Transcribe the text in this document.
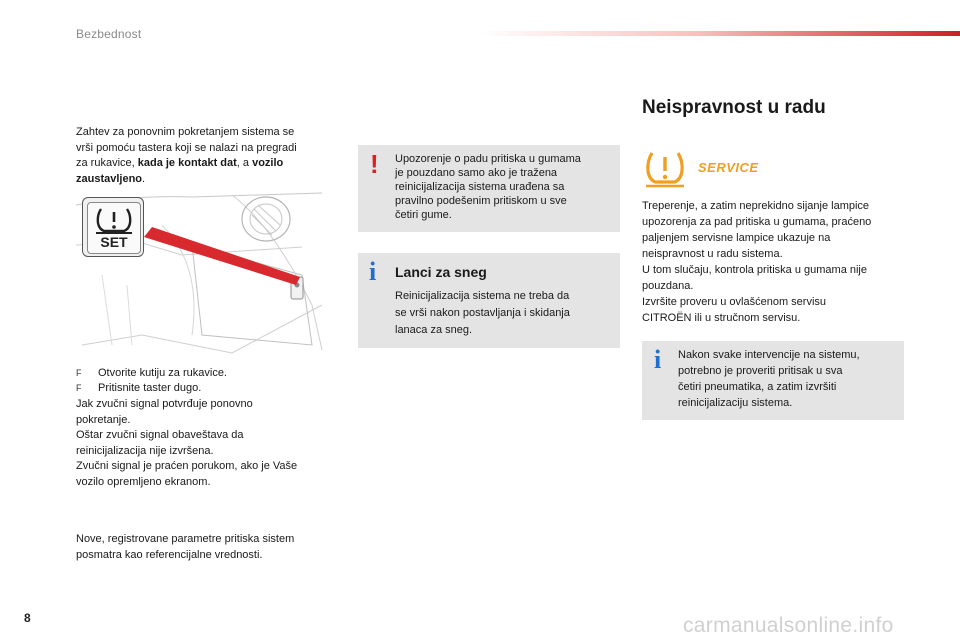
Bezbednost
Zahtev za ponovnim pokretanjem sistema se
vrši pomoću tastera koji se nalazi na pregradi
za rukavice, kada je kontakt dat, a vozilo
zaustavljeno.
SET
F Otvorite kutiju za rukavice.
F Pritisnite taster dugo.
Jak zvučni signal potvrđuje ponovno
pokretanje.
Oštar zvučni signal obaveštava da
reinicijalizacija nije izvršena.
Zvučni signal je praćen porukom, ako je Vaše
vozilo opremljeno ekranom.
Nove, registrovane parametre pritiska sistem
posmatra kao referencijalne vrednosti.
! Upozorenje o padu pritiska u gumama
je pouzdano samo ako je tražena
reinicijalizacija sistema urađena sa
pravilno podešenim pritiskom u sve
četiri gume.
i Lanci za sneg
Reinicijalizacija sistema ne treba da
se vrši nakon postavljanja i skidanja
lanaca za sneg.
Neispravnost u radu
SERVICE
Treperenje, a zatim neprekidno sijanje lampice
upozorenja za pad pritiska u gumama, praćeno
paljenjem servisne lampice ukazuje na
neispravnost u radu sistema.
U tom slučaju, kontrola pritiska u gumama nije
pouzdana.
Izvršite proveru u ovlašćenom servisu
CITROËN ili u stručnom servisu.
i Nakon svake intervencije na sistemu,
potrebno je proveriti pritisak u sva
četiri pneumatika, a zatim izvršiti
reinicijalizaciju sistema.
8	carmanualsonline.info
